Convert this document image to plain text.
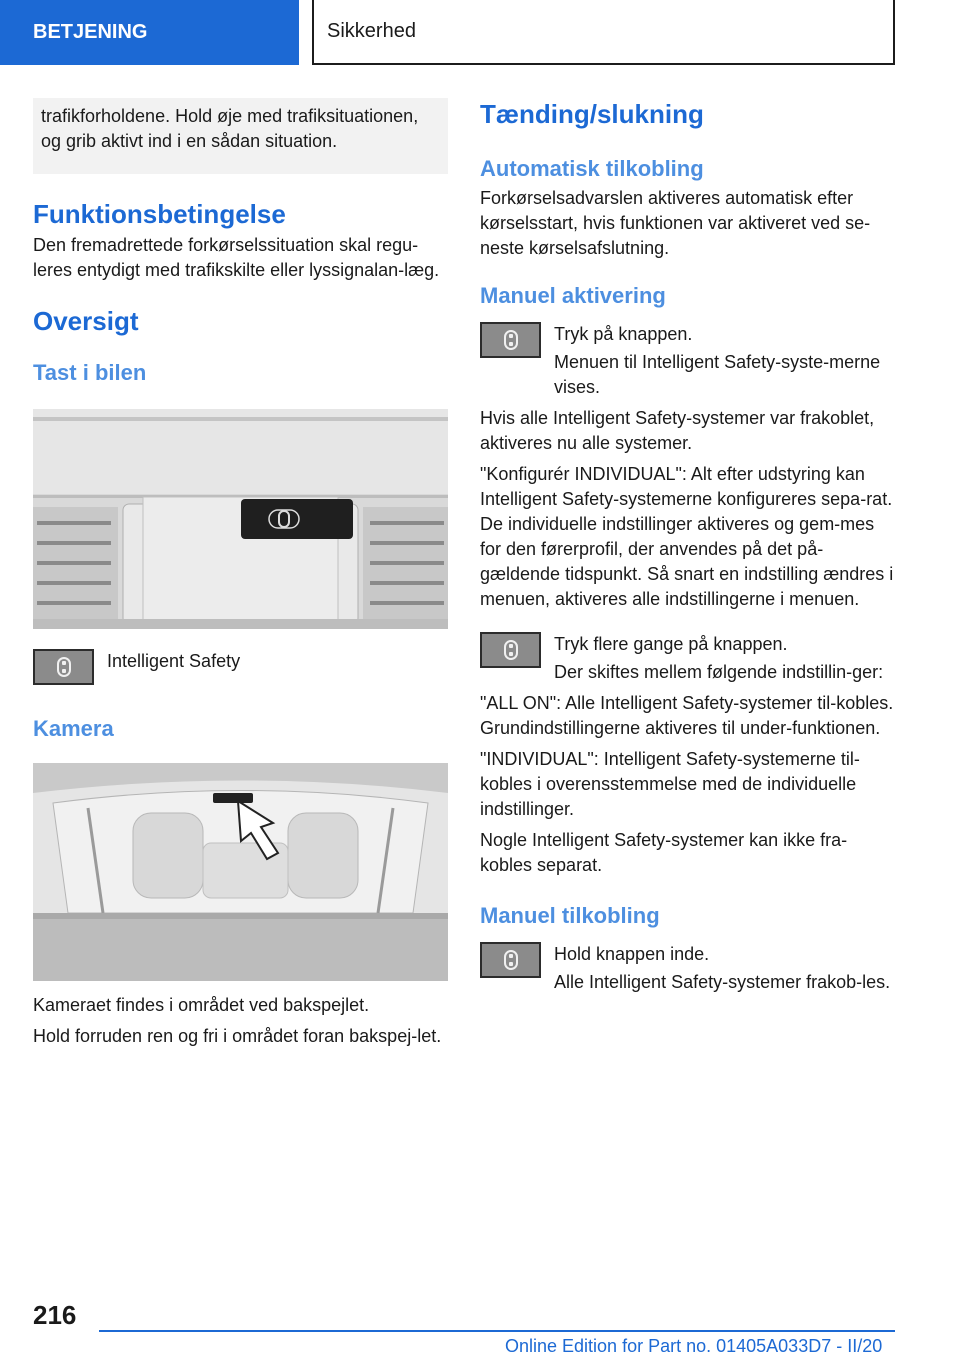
BETJENING	Sikkerhed

trafikforholdene. Hold øje med trafiksituationen, og grib aktivt ind i en sådan situation.

Funktionsbetingelse

Den fremadrettede forkørselssituation skal regu-leres entydigt med trafikskilte eller lyssignalan-læg.

Oversigt
Tast i bilen

Intelligent Safety

Kamera

Kameraet findes i området ved bakspejlet.

Hold forruden ren og fri i området foran bakspej-let.

Tænding/slukning
Automatisk tilkobling

Forkørselsadvarslen aktiveres automatisk efter kørselsstart, hvis funktionen var aktiveret ved se-neste kørselsafslutning.

Manuel aktivering

Tryk på knappen.

Menuen til Intelligent Safety-syste-merne vises.

Hvis alle Intelligent Safety-systemer var frakoblet, aktiveres nu alle systemer.

"Konfigurér INDIVIDUAL": Alt efter udstyring kan Intelligent Safety-systemerne konfigureres sepa-rat. De individuelle indstillinger aktiveres og gem-mes for den førerprofil, der anvendes på det på-gældende tidspunkt. Så snart en indstilling ændres i menuen, aktiveres alle indstillingerne i menuen.

Tryk flere gange på knappen.

Der skiftes mellem følgende indstillin-ger:

"ALL ON": Alle Intelligent Safety-systemer til-kobles. Grundindstillingerne aktiveres til under-funktionen.

"INDIVIDUAL": Intelligent Safety-systemerne til-kobles i overensstemmelse med de individuelle indstillinger.

Nogle Intelligent Safety-systemer kan ikke fra-kobles separat.

Manuel tilkobling

Hold knappen inde.

Alle Intelligent Safety-systemer frakob-les.

216
Online Edition for Part no. 01405A033D7 - II/20
